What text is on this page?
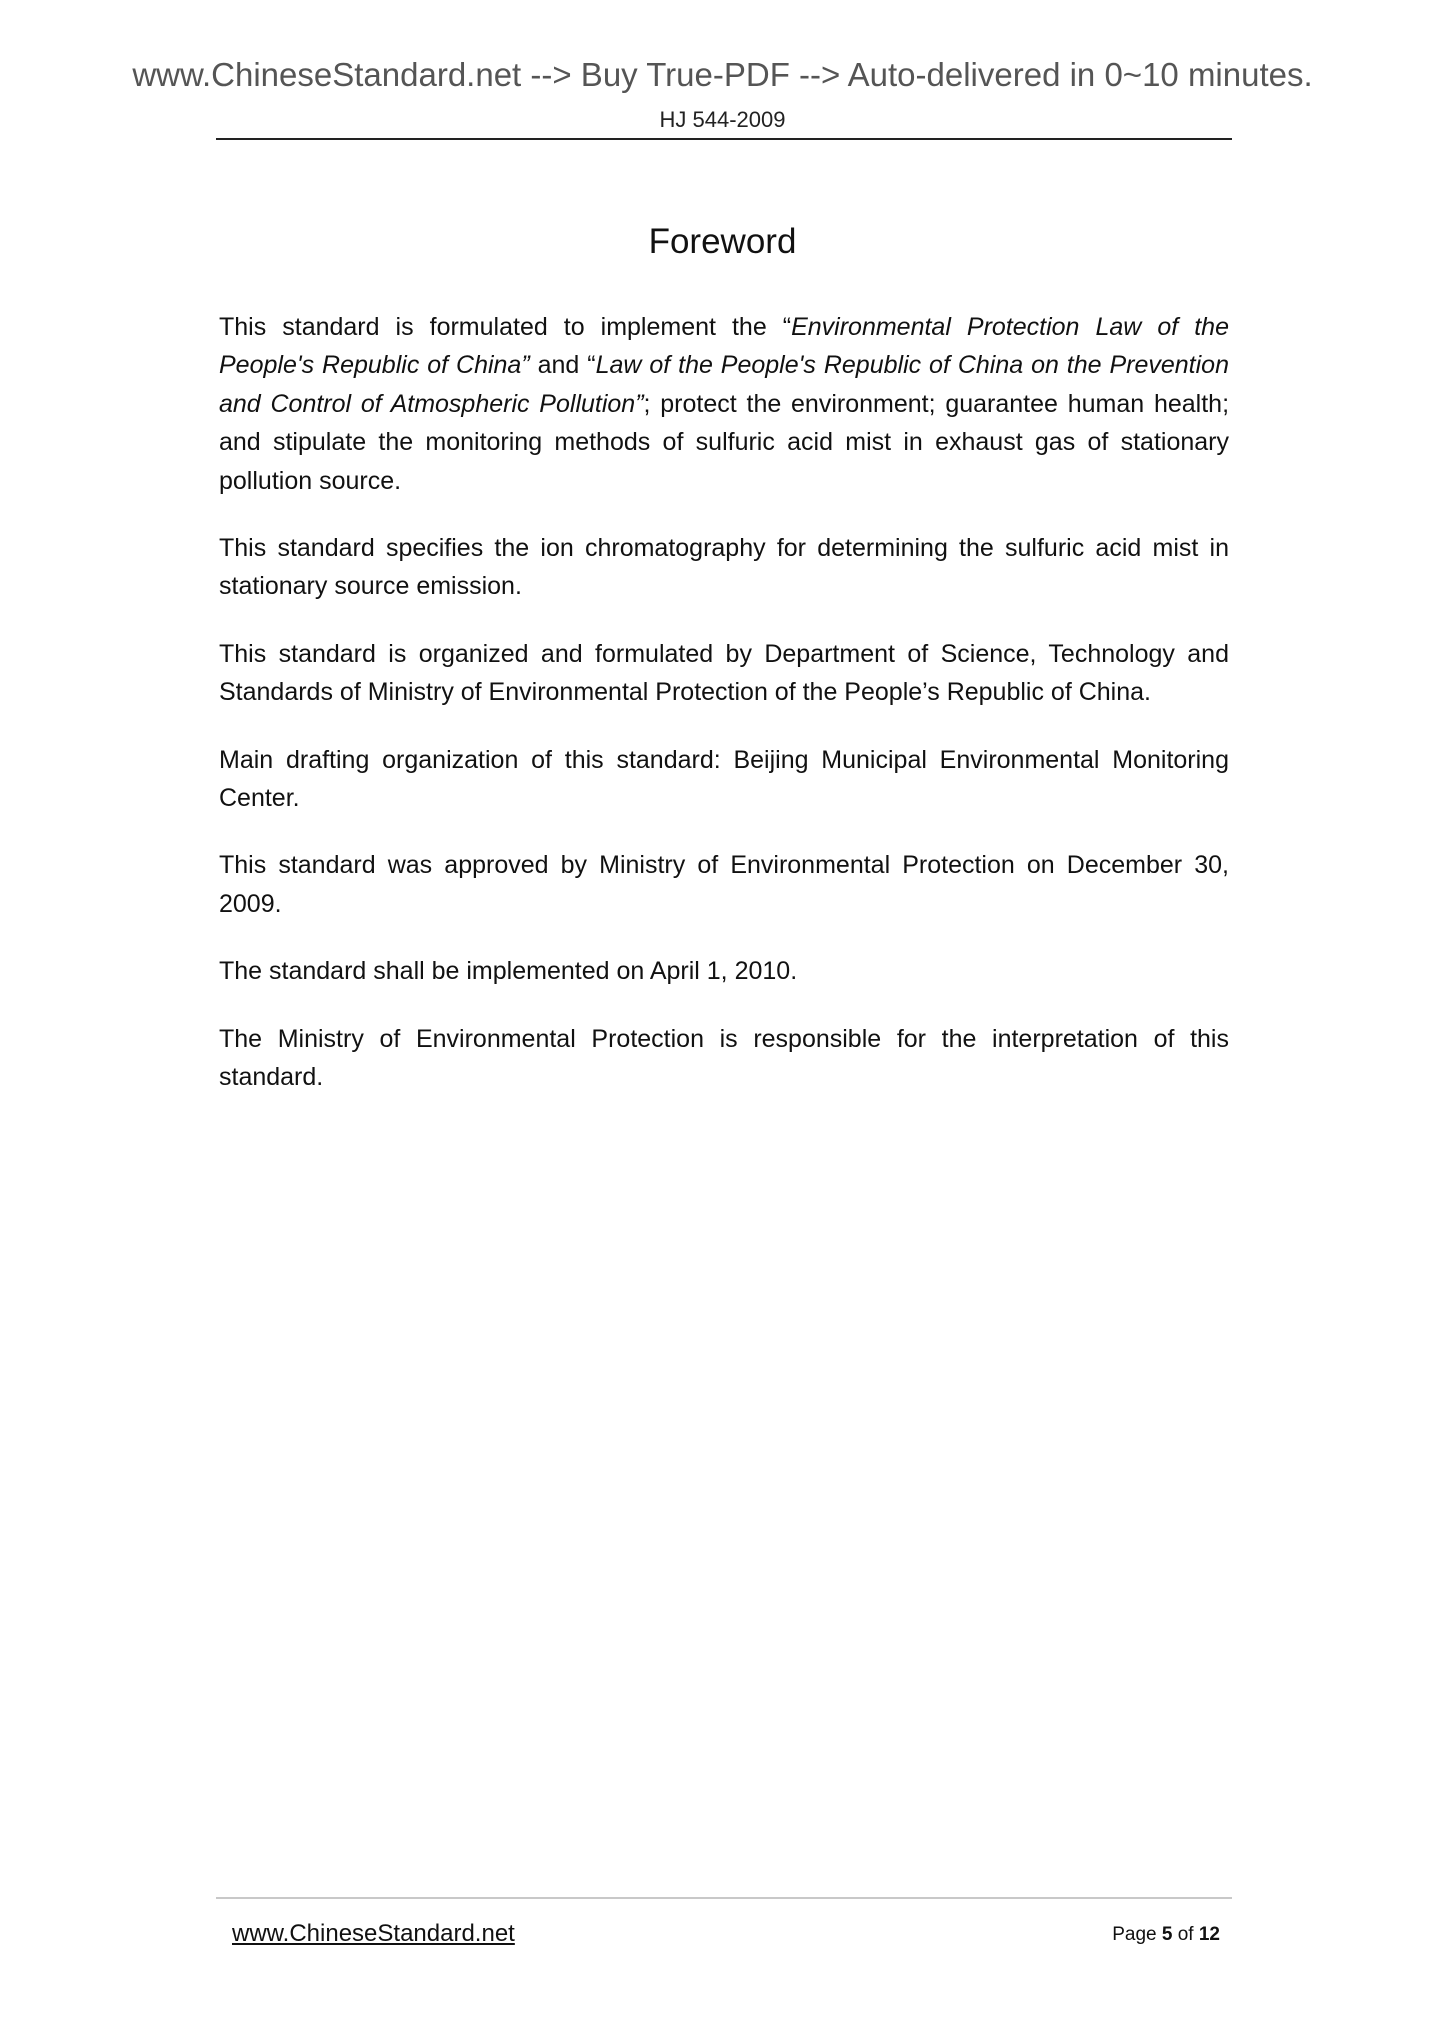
www.ChineseStandard.net --> Buy True-PDF --> Auto-delivered in 0~10 minutes.
HJ 544-2009
Foreword

This standard is formulated to implement the “Environmental Protection Law of the People's Republic of China” and “Law of the People's Republic of China on the Prevention and Control of Atmospheric Pollution”; protect the environment; guarantee human health; and stipulate the monitoring methods of sulfuric acid mist in exhaust gas of stationary pollution source.

This standard specifies the ion chromatography for determining the sulfuric acid mist in stationary source emission.

This standard is organized and formulated by Department of Science, Technology and Standards of Ministry of Environmental Protection of the People’s Republic of China.

Main drafting organization of this standard: Beijing Municipal Environmental Monitoring Center.

This standard was approved by Ministry of Environmental Protection on December 30, 2009.

The standard shall be implemented on April 1, 2010.

The Ministry of Environmental Protection is responsible for the interpretation of this standard.

www.ChineseStandard.net	Page 5 of 12
